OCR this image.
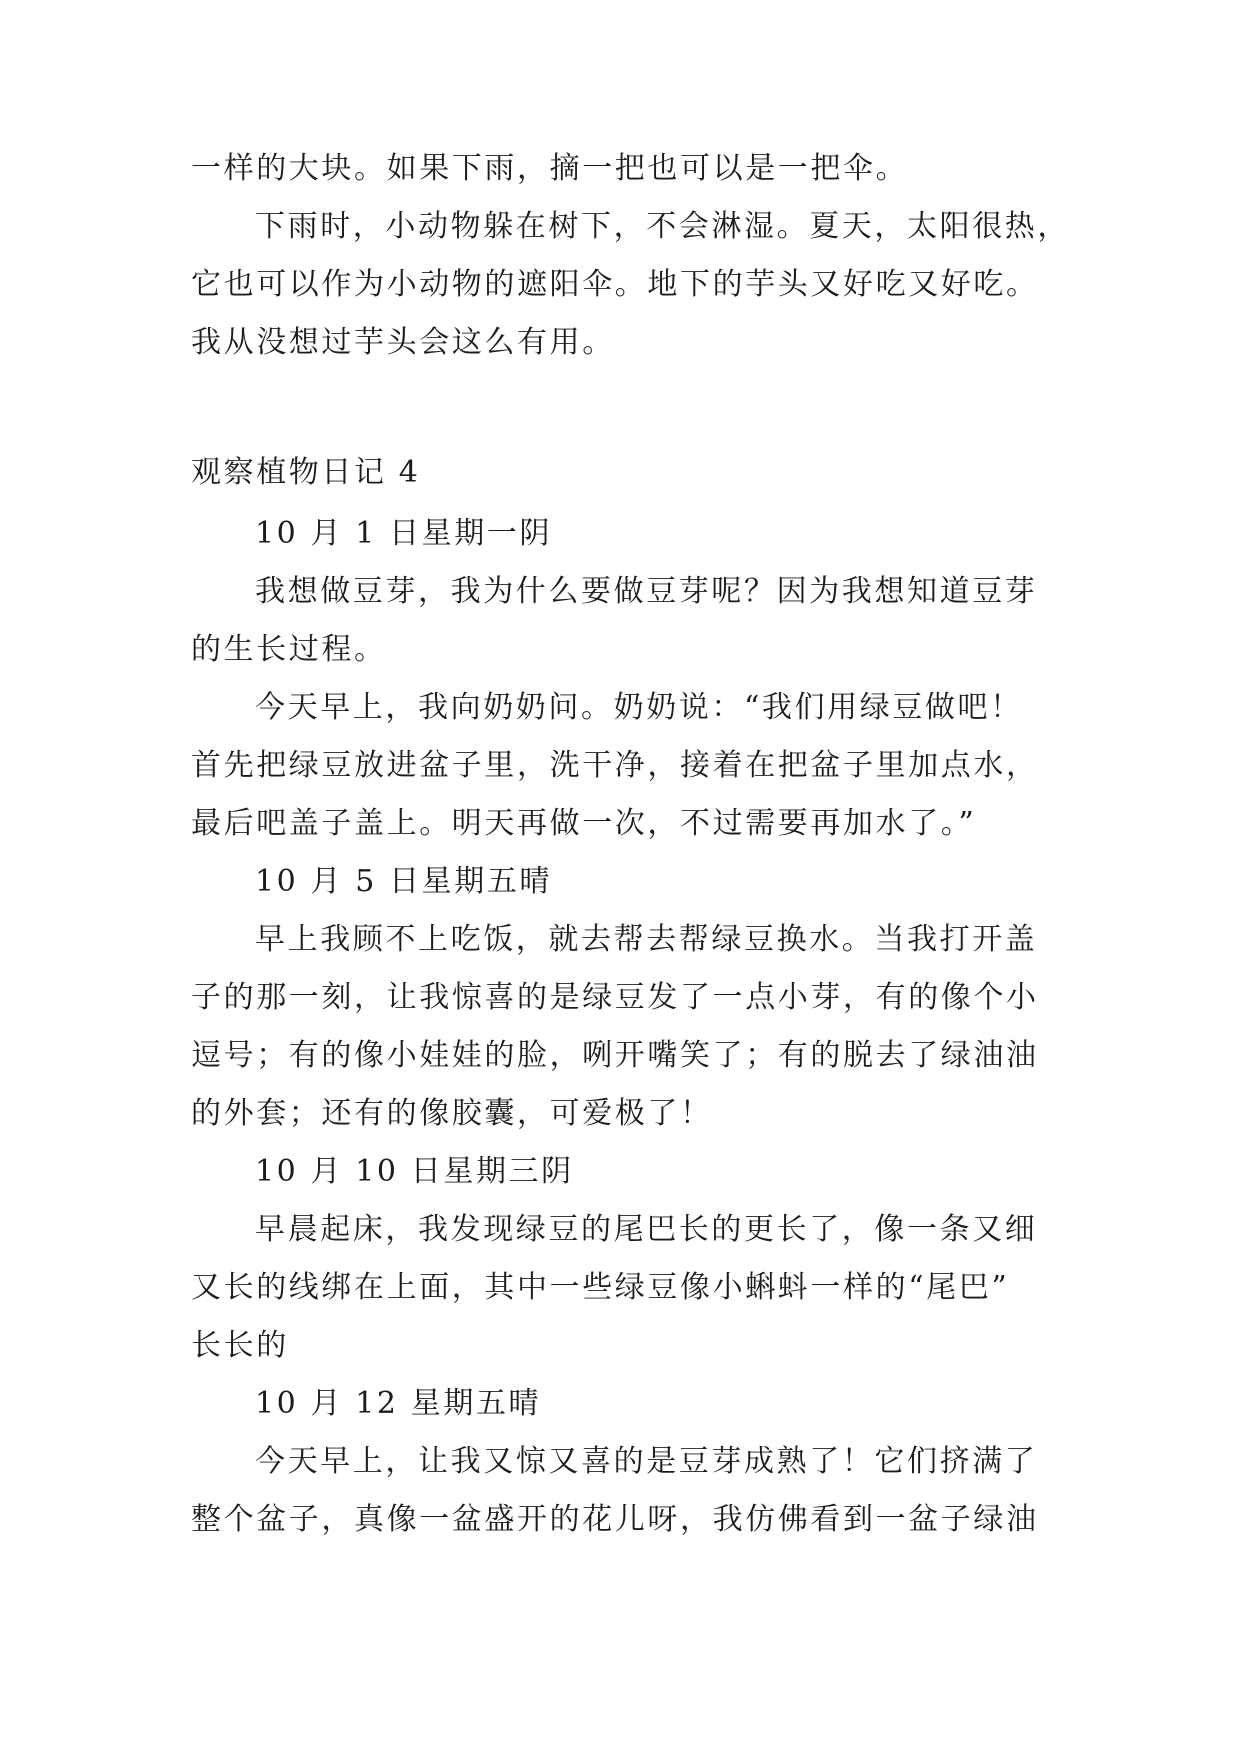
一样的大块。如果下雨，摘一把也可以是一把伞。

下雨时，小动物躲在树下，不会淋湿。夏天，太阳很热，

它也可以作为小动物的遮阳伞。地下的芋头又好吃又好吃。

我从没想过芋头会这么有用。

观察植物日记 4

10 月 1 日星期一阴

我想做豆芽，我为什么要做豆芽呢？因为我想知道豆芽

的生长过程。

今天早上，我向奶奶问。奶奶说：“我们用绿豆做吧！

首先把绿豆放进盆子里，洗干净，接着在把盆子里加点水，

最后吧盖子盖上。明天再做一次，不过需要再加水了。”

10 月 5 日星期五晴

早上我顾不上吃饭，就去帮去帮绿豆换水。当我打开盖

子的那一刻，让我惊喜的是绿豆发了一点小芽，有的像个小

逗号；有的像小娃娃的脸，咧开嘴笑了；有的脱去了绿油油

的外套；还有的像胶囊，可爱极了！

10 月 10 日星期三阴

早晨起床，我发现绿豆的尾巴长的更长了，像一条又细

又长的线绑在上面，其中一些绿豆像小蝌蚪一样的“尾巴”

长长的

10 月 12 星期五晴

今天早上，让我又惊又喜的是豆芽成熟了！它们挤满了

整个盆子，真像一盆盛开的花儿呀，我仿佛看到一盆子绿油
